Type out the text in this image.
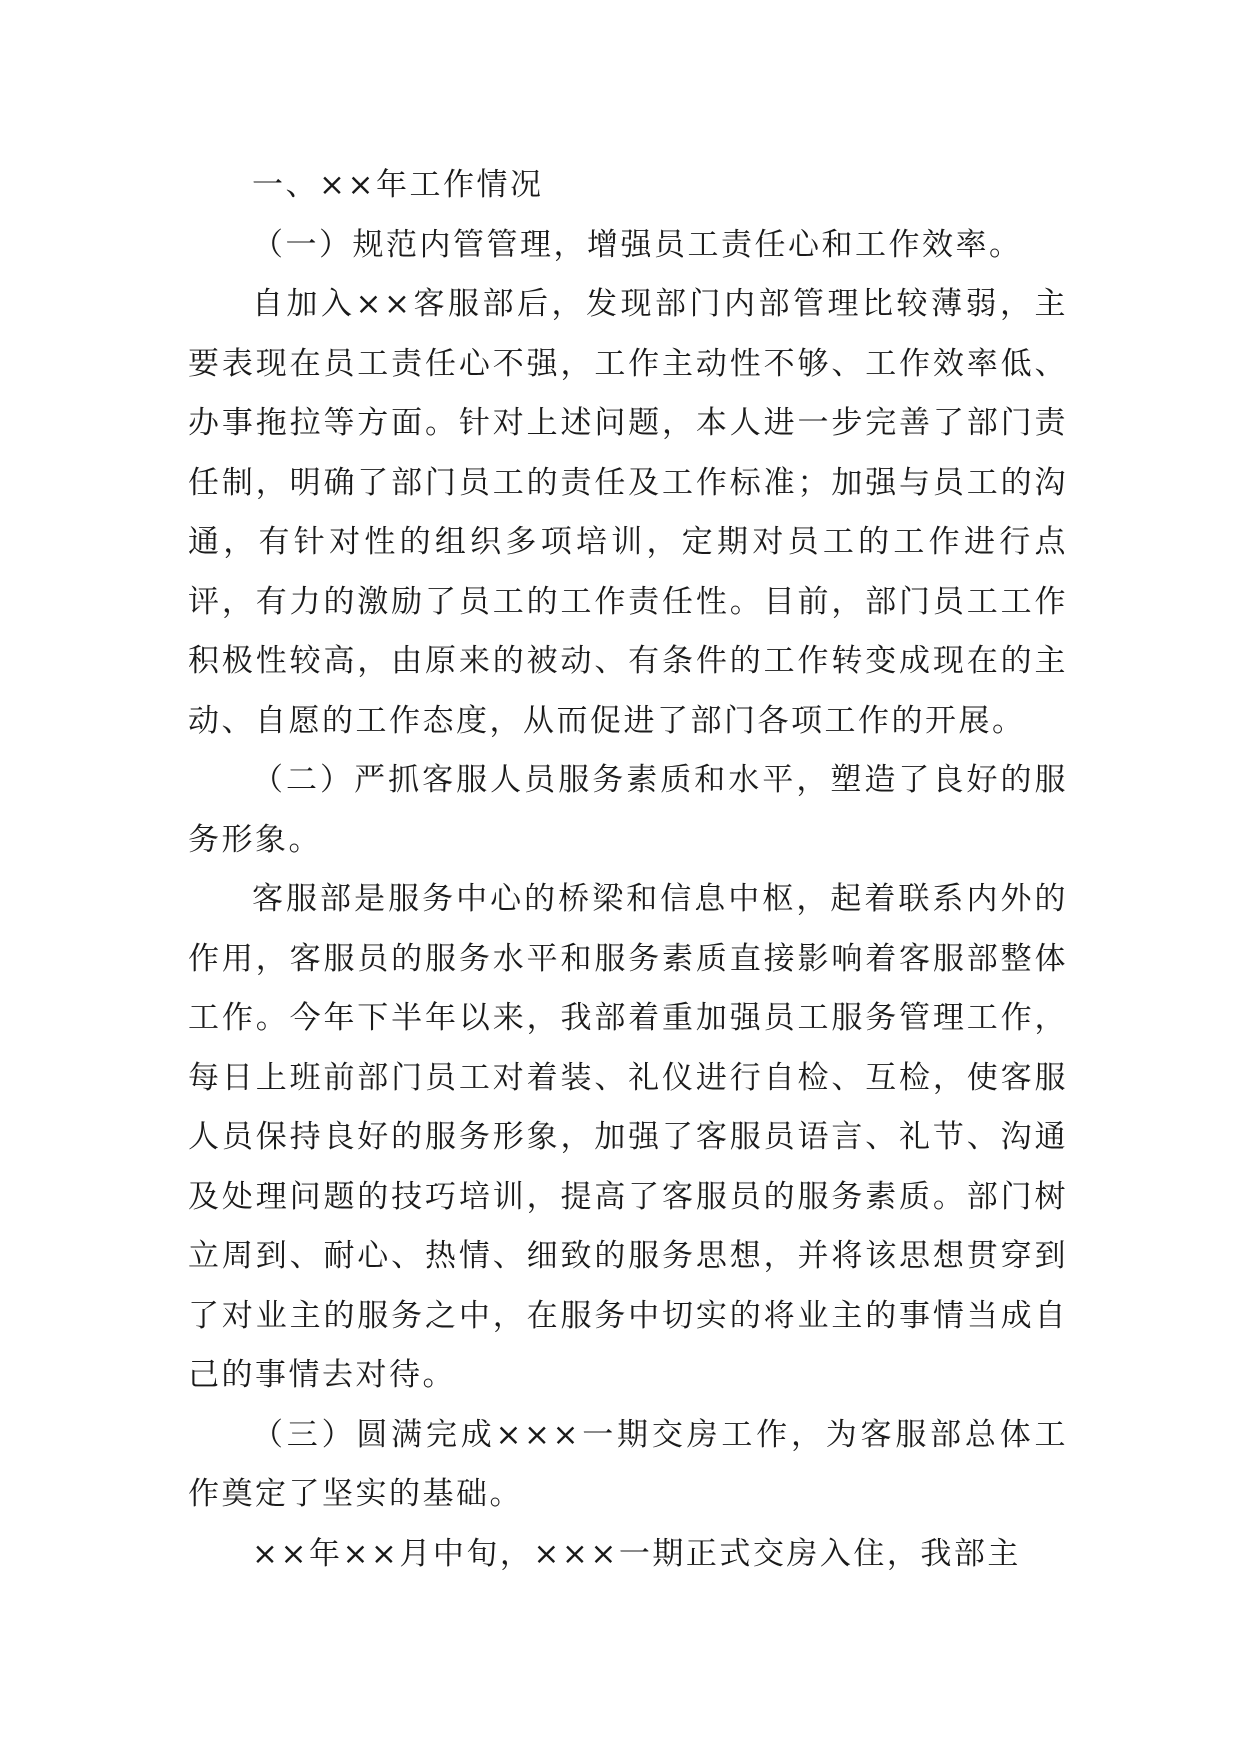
一、××年工作情况

（一）规范内管管理，增强员工责任心和工作效率。

自加入××客服部后，发现部门内部管理比较薄弱，主要表现在员工责任心不强，工作主动性不够、工作效率低、办事拖拉等方面。针对上述问题，本人进一步完善了部门责任制，明确了部门员工的责任及工作标准；加强与员工的沟通，有针对性的组织多项培训，定期对员工的工作进行点评，有力的激励了员工的工作责任性。目前，部门员工工作积极性较高，由原来的被动、有条件的工作转变成现在的主动、自愿的工作态度，从而促进了部门各项工作的开展。

（二）严抓客服人员服务素质和水平，塑造了良好的服务形象。

客服部是服务中心的桥梁和信息中枢，起着联系内外的作用，客服员的服务水平和服务素质直接影响着客服部整体工作。今年下半年以来，我部着重加强员工服务管理工作，每日上班前部门员工对着装、礼仪进行自检、互检，使客服人员保持良好的服务形象，加强了客服员语言、礼节、沟通及处理问题的技巧培训，提高了客服员的服务素质。部门树立周到、耐心、热情、细致的服务思想，并将该思想贯穿到了对业主的服务之中，在服务中切实的将业主的事情当成自己的事情去对待。

（三）圆满完成×××一期交房工作，为客服部总体工作奠定了坚实的基础。

××年××月中旬，×××一期正式交房入住，我部主
